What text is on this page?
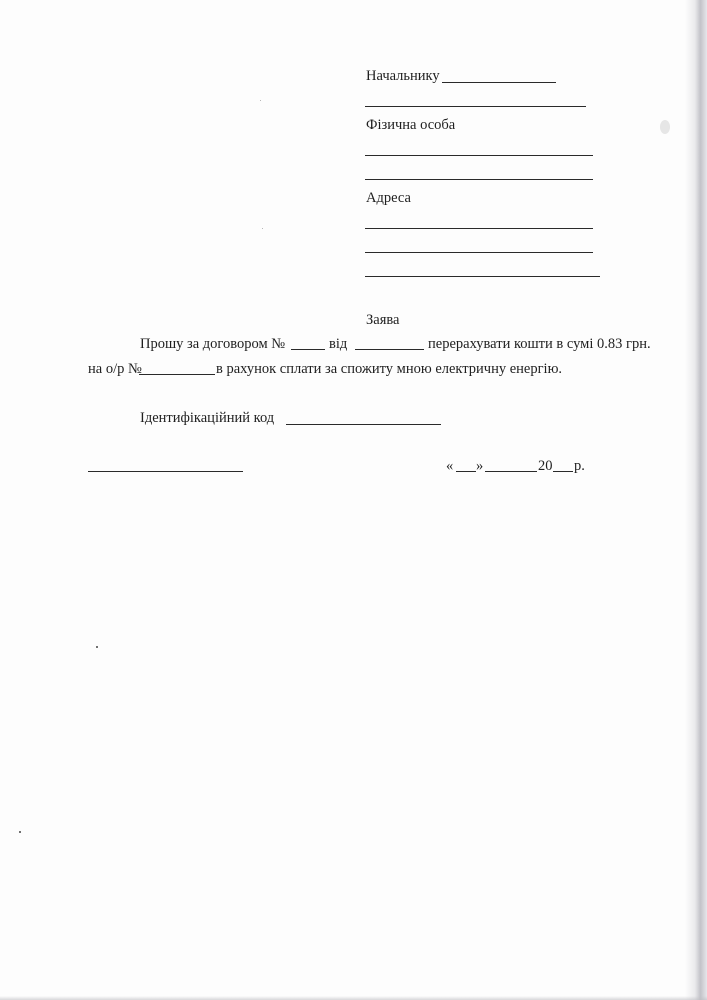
Начальнику
Фізична особа
Адреса
Заява
Прошу за договором №	від	перерахувати кошти в сумі 0.83 грн.
на о/р №	в рахунок сплати за спожиту мною електричну енергію.
Ідентифікаційний код
« »	20 р.
